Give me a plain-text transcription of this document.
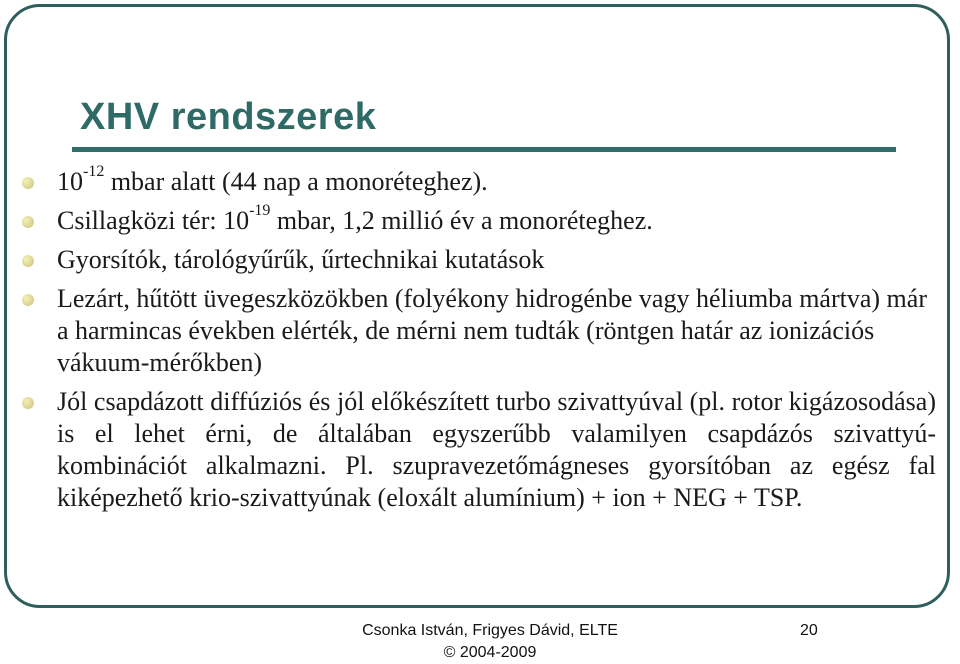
XHV rendszerek
$10^{-12}$ mbar alatt (44 nap a monoréteghez).
Csillagközi tér: $10^{-19}$ mbar, 1,2 millió év a monoréteghez.
Gyorsítók, tárológyűrűk, űrtechnikai kutatások
Lezárt, hűtött üvegeszközökben (folyékony hidrogénbe vagy héliumba mártva) már a harmincas években elérték, de mérni nem tudták (röntgen határ az ionizációs vákuum-mérőkben)
Jól csapdázott diffúziós és jól előkészített turbo szivattyúval (pl. rotor kigázosodása) is el lehet érni, de általában egyszerűbb valamilyen csapdázós szivattyú-kombinációt alkalmazni. Pl. szupravezetőmágneses gyorsítóban az egész fal kiképezhető krio-szivattyúnak (eloxált alumínium) + ion + NEG + TSP.
Csonka István, Frigyes Dávid, ELTE
© 2004-2009
20
